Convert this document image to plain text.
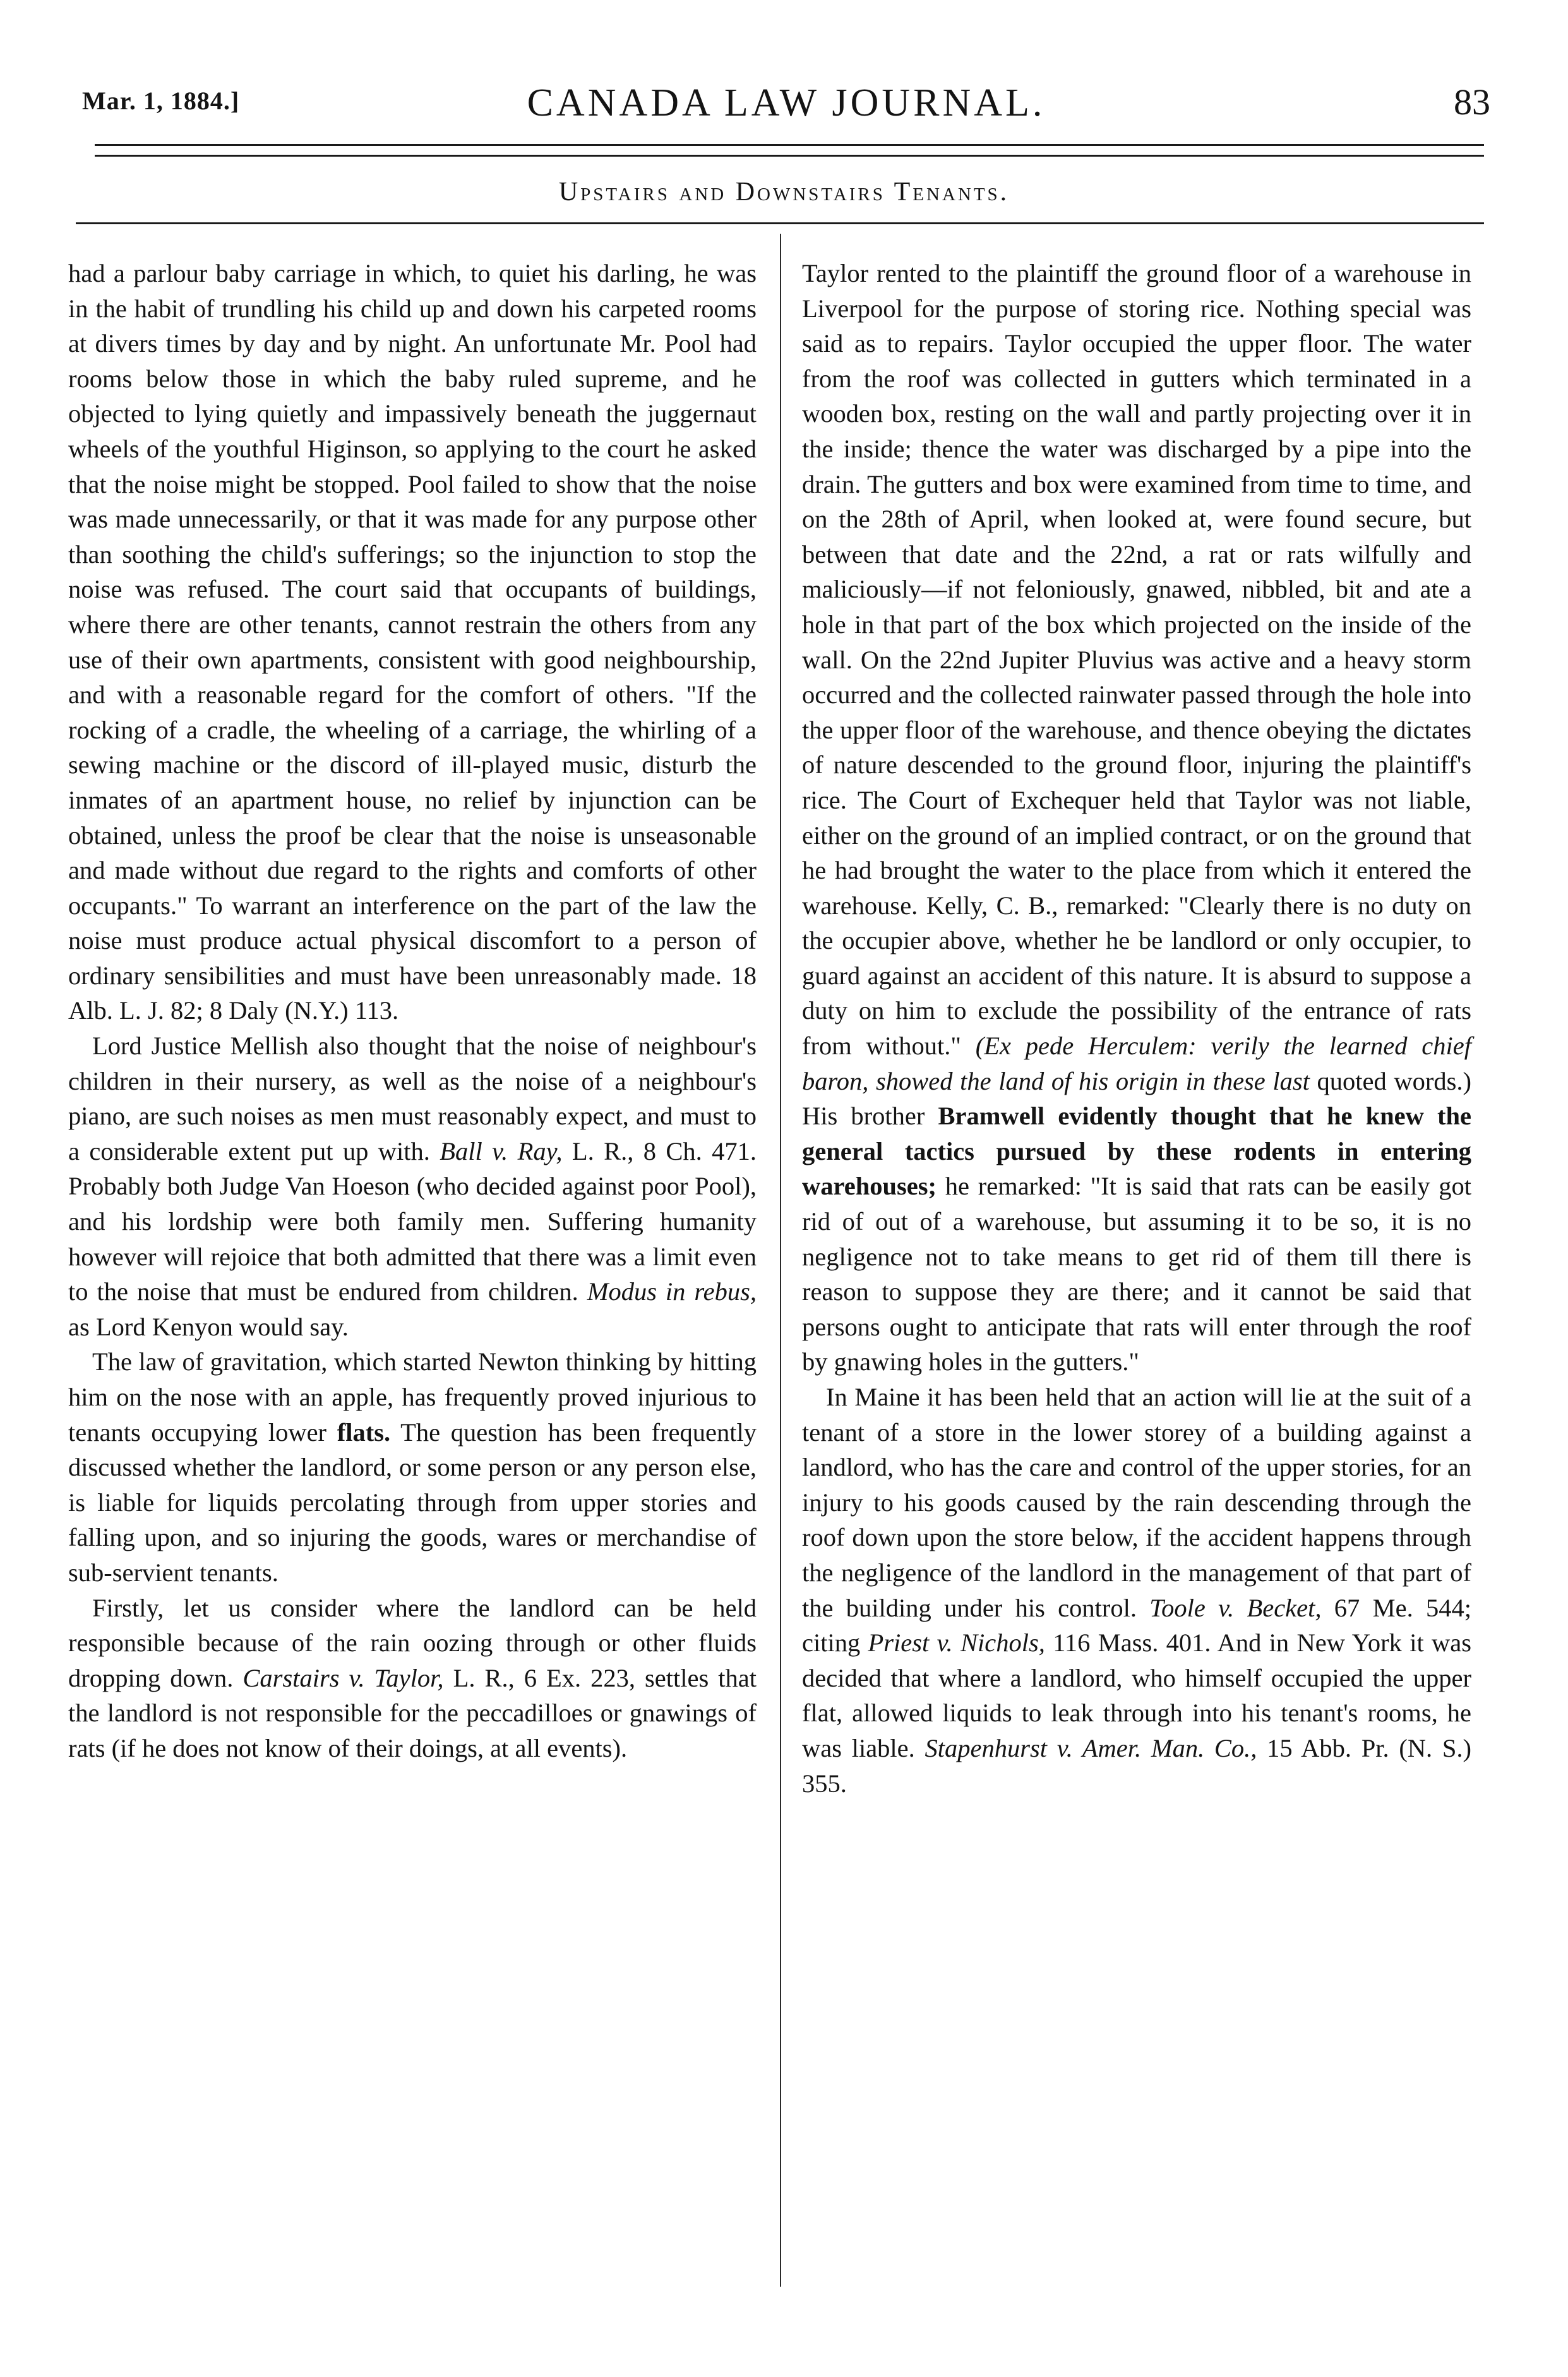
Mar. 1, 1884.]	CANADA LAW JOURNAL.	83
Upstairs and Downstairs Tenants.

had a parlour baby carriage in which, to quiet his darling, he was in the habit of trundling his child up and down his carpeted rooms at divers times by day and by night. An unfortunate Mr. Pool had rooms below those in which the baby ruled supreme, and he objected to lying quietly and impassively beneath the juggernaut wheels of the youthful Higinson, so applying to the court he asked that the noise might be stopped. Pool failed to show that the noise was made unnecessarily, or that it was made for any purpose other than soothing the child's sufferings; so the injunction to stop the noise was refused. The court said that occupants of buildings, where there are other tenants, cannot restrain the others from any use of their own apartments, consistent with good neighbourship, and with a reasonable regard for the comfort of others. "If the rocking of a cradle, the wheeling of a carriage, the whirling of a sewing machine or the discord of ill-played music, disturb the inmates of an apartment house, no relief by injunction can be obtained, unless the proof be clear that the noise is unseasonable and made without due regard to the rights and comforts of other occupants." To warrant an interference on the part of the law the noise must produce actual physical discomfort to a person of ordinary sensibilities and must have been unreasonably made. 18 Alb. L. J. 82; 8 Daly (N.Y.) 113.

Lord Justice Mellish also thought that the noise of neighbour's children in their nursery, as well as the noise of a neighbour's piano, are such noises as men must reasonably expect, and must to a considerable extent put up with. Ball v. Ray, L. R., 8 Ch. 471. Probably both Judge Van Hoeson (who decided against poor Pool), and his lordship were both family men. Suffering humanity however will rejoice that both admitted that there was a limit even to the noise that must be endured from children. Modus in rebus, as Lord Kenyon would say.

The law of gravitation, which started Newton thinking by hitting him on the nose with an apple, has frequently proved injurious to tenants occupying lower flats. The question has been frequently discussed whether the landlord, or some person or any person else, is liable for liquids percolating through from upper stories and falling upon, and so injuring the goods, wares or merchandise of sub-servient tenants.

Firstly, let us consider where the landlord can be held responsible because of the rain oozing through or other fluids dropping down. Carstairs v. Taylor, L. R., 6 Ex. 223, settles that the landlord is not responsible for the peccadilloes or gnawings of rats (if he does not know of their doings, at all events).

Taylor rented to the plaintiff the ground floor of a warehouse in Liverpool for the purpose of storing rice. Nothing special was said as to repairs. Taylor occupied the upper floor. The water from the roof was collected in gutters which terminated in a wooden box, resting on the wall and partly projecting over it in the inside; thence the water was discharged by a pipe into the drain. The gutters and box were examined from time to time, and on the 28th of April, when looked at, were found secure, but between that date and the 22nd, a rat or rats wilfully and maliciously—if not feloniously, gnawed, nibbled, bit and ate a hole in that part of the box which projected on the inside of the wall. On the 22nd Jupiter Pluvius was active and a heavy storm occurred and the collected rainwater passed through the hole into the upper floor of the warehouse, and thence obeying the dictates of nature descended to the ground floor, injuring the plaintiff's rice. The Court of Exchequer held that Taylor was not liable, either on the ground of an implied contract, or on the ground that he had brought the water to the place from which it entered the warehouse. Kelly, C. B., remarked: "Clearly there is no duty on the occupier above, whether he be landlord or only occupier, to guard against an accident of this nature. It is absurd to suppose a duty on him to exclude the possibility of the entrance of rats from without." (Ex pede Herculem: verily the learned chief baron, showed the land of his origin in these last quoted words.) His brother Bramwell evidently thought that he knew the general tactics pursued by these rodents in entering warehouses; he remarked: "It is said that rats can be easily got rid of out of a warehouse, but assuming it to be so, it is no negligence not to take means to get rid of them till there is reason to suppose they are there; and it cannot be said that persons ought to anticipate that rats will enter through the roof by gnawing holes in the gutters."

In Maine it has been held that an action will lie at the suit of a tenant of a store in the lower storey of a building against a landlord, who has the care and control of the upper stories, for an injury to his goods caused by the rain descending through the roof down upon the store below, if the accident happens through the negligence of the landlord in the management of that part of the building under his control. Toole v. Becket, 67 Me. 544; citing Priest v. Nichols, 116 Mass. 401. And in New York it was decided that where a landlord, who himself occupied the upper flat, allowed liquids to leak through into his tenant's rooms, he was liable. Stapenhurst v. Amer. Man. Co., 15 Abb. Pr. (N. S.) 355.
